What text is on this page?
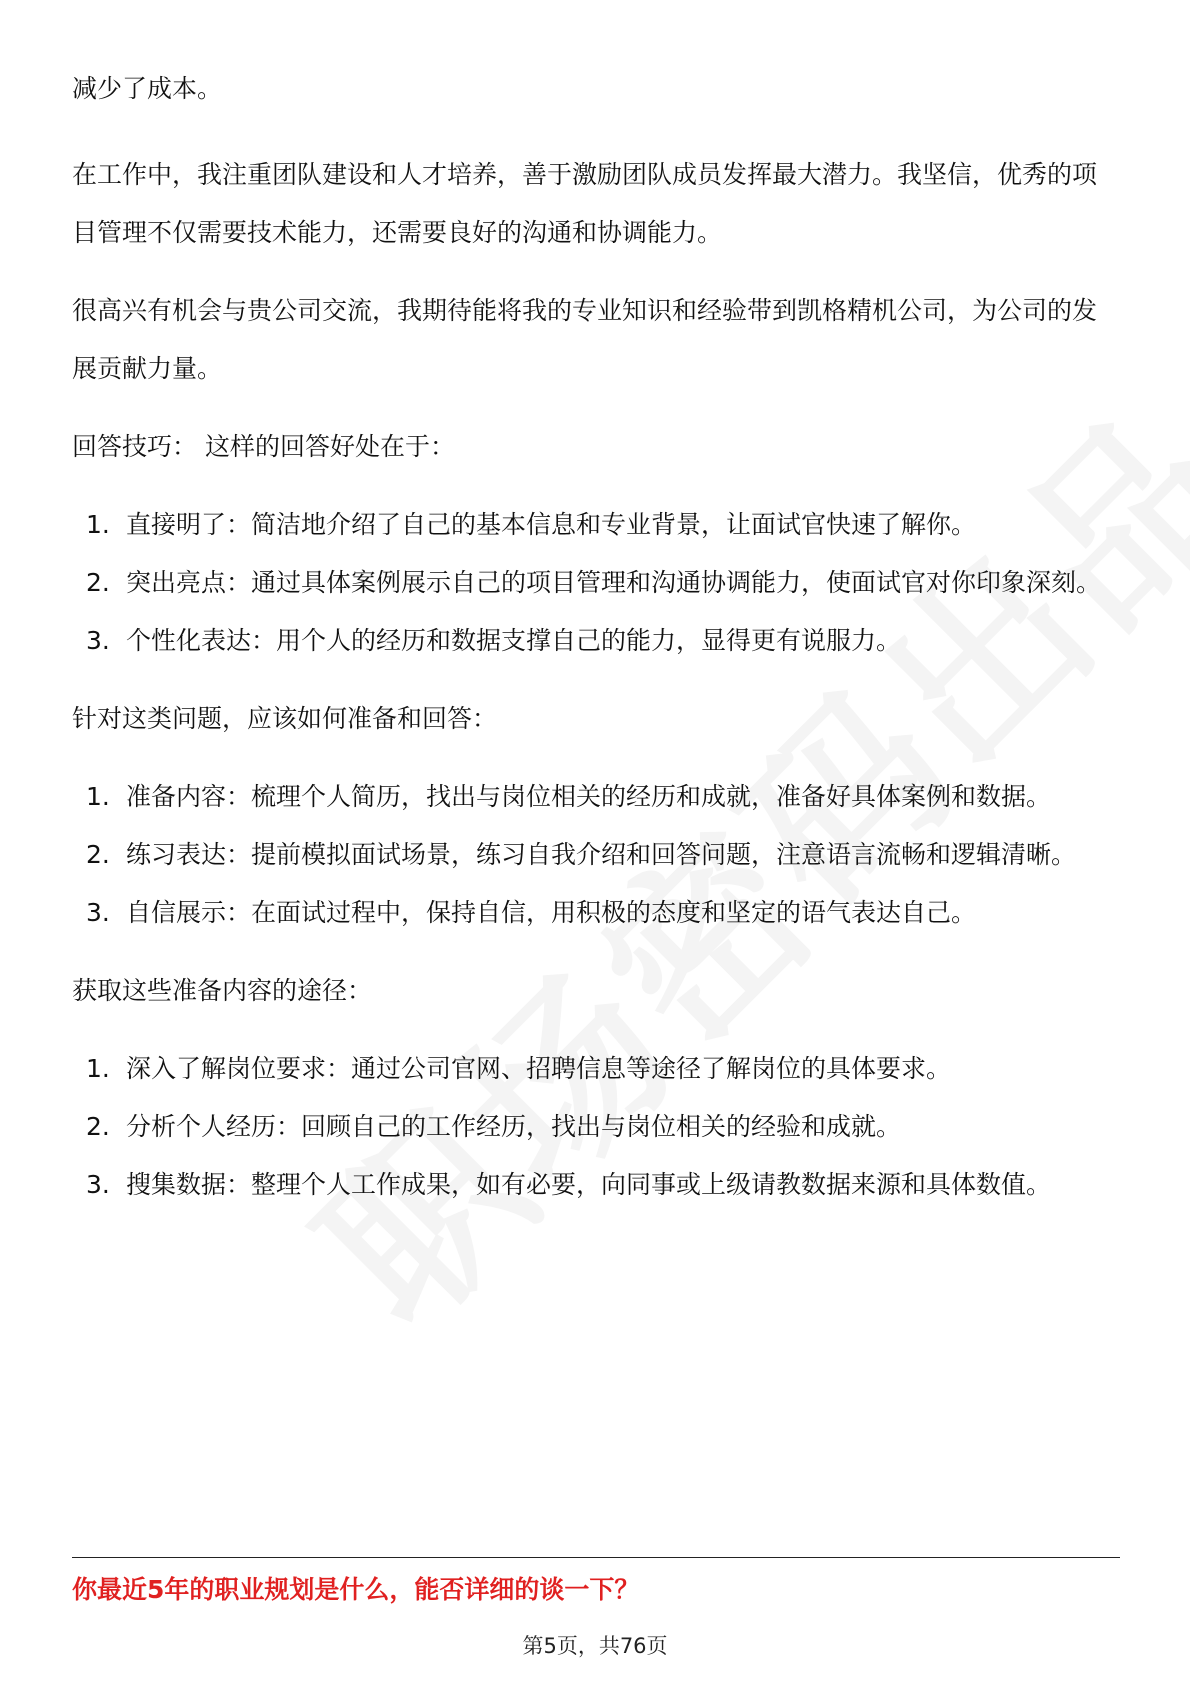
减少了成本。

在工作中，我注重团队建设和人才培养，善于激励团队成员发挥最大潜力。我坚信，优秀的项目管理不仅需要技术能力，还需要良好的沟通和协调能力。

很高兴有机会与贵公司交流，我期待能将我的专业知识和经验带到凯格精机公司，为公司的发展贡献力量。

回答技巧： 这样的回答好处在于：

1. 直接明了：简洁地介绍了自己的基本信息和专业背景，让面试官快速了解你。
2. 突出亮点：通过具体案例展示自己的项目管理和沟通协调能力，使面试官对你印象深刻。
3. 个性化表达：用个人的经历和数据支撑自己的能力，显得更有说服力。

针对这类问题，应该如何准备和回答：

1. 准备内容：梳理个人简历，找出与岗位相关的经历和成就，准备好具体案例和数据。
2. 练习表达：提前模拟面试场景，练习自我介绍和回答问题，注意语言流畅和逻辑清晰。
3. 自信展示：在面试过程中，保持自信，用积极的态度和坚定的语气表达自己。

获取这些准备内容的途径：

1. 深入了解岗位要求：通过公司官网、招聘信息等途径了解岗位的具体要求。
2. 分析个人经历：回顾自己的工作经历，找出与岗位相关的经验和成就。
3. 搜集数据：整理个人工作成果，如有必要，向同事或上级请教数据来源和具体数值。
你最近5年的职业规划是什么，能否详细的谈一下？
第5页，共76页
